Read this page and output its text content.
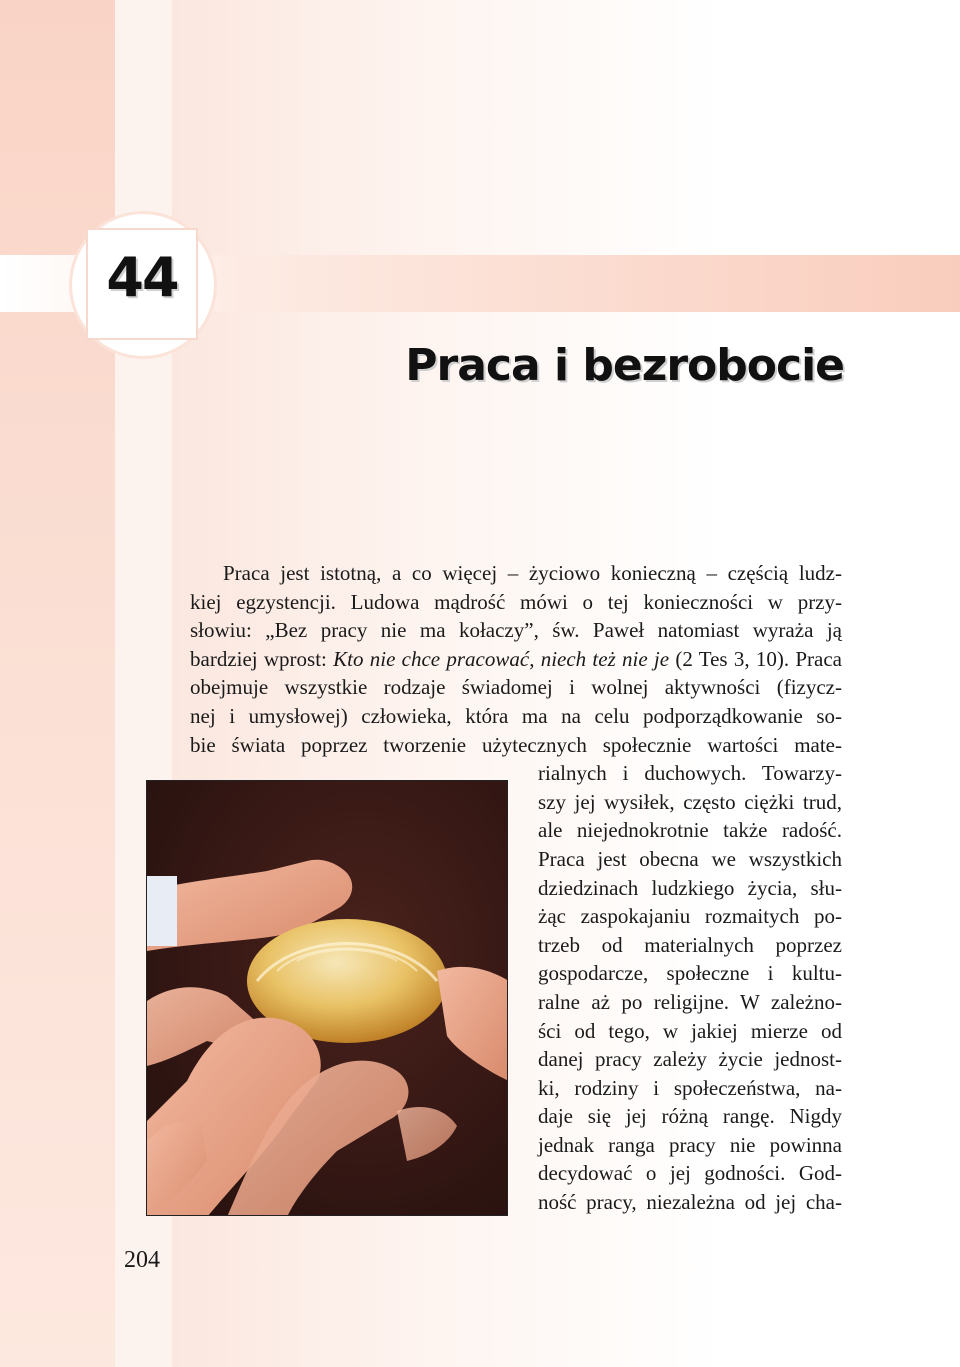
44
Praca i bezrobocie
Praca jest istotną, a co więcej – życiowo konieczną – częścią ludz-
kiej egzystencji. Ludowa mądrość mówi o tej konieczności w przy-
słowiu: „Bez pracy nie ma kołaczy”, św. Paweł natomiast wyraża ją
bardziej wprost: Kto nie chce pracować, niech też nie je (2 Tes 3, 10). Praca
obejmuje wszystkie rodzaje świadomej i wolnej aktywności (fizycz-
nej i umysłowej) człowieka, która ma na celu podporządkowanie so-
bie świata poprzez tworzenie użytecznych społecznie wartości mate-
rialnych i duchowych. Towarzy-
szy jej wysiłek, często ciężki trud,
ale niejednokrotnie także radość.
Praca jest obecna we wszystkich
dziedzinach ludzkiego życia, słu-
żąc zaspokajaniu rozmaitych po-
trzeb od materialnych poprzez
gospodarcze, społeczne i kultu-
ralne aż po religijne. W zależno-
ści od tego, w jakiej mierze od
danej pracy zależy życie jednost-
ki, rodziny i społeczeństwa, na-
daje się jej różną rangę. Nigdy
jednak ranga pracy nie powinna
decydować o jej godności. God-
ność pracy, niezależna od jej cha-
204
